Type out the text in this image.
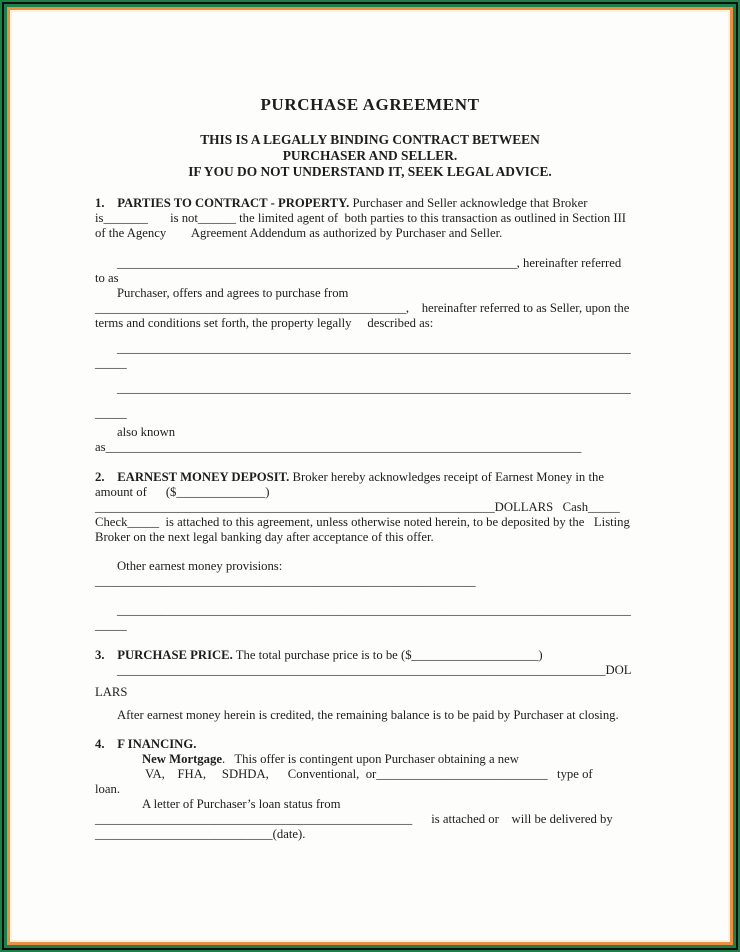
PURCHASE AGREEMENT
THIS IS A LEGALLY BINDING CONTRACT BETWEEN
PURCHASER AND SELLER.
IF YOU DO NOT UNDERSTAND IT, SEEK LEGAL ADVICE.
1.    PARTIES TO CONTRACT - PROPERTY. Purchaser and Seller acknowledge that Broker
is_______       is not______ the limited agent of  both parties to this transaction as outlined in Section III
of the Agency        Agreement Addendum as authorized by Purchaser and Seller.
_______________________________________________________________, hereinafter referred
to as
Purchaser, offers and agrees to purchase from
_________________________________________________,    hereinafter referred to as Seller, upon the
terms and conditions set forth, the property legally     described as:
_________________________________________________________________________________
_____
_________________________________________________________________________________
_____
also known
as___________________________________________________________________________
2.    EARNEST MONEY DEPOSIT. Broker hereby acknowledges receipt of Earnest Money in the
amount of      ($______________)
_______________________________________________________________DOLLARS   Cash_____
Check_____  is attached to this agreement, unless otherwise noted herein, to be deposited by the   Listing
Broker on the next legal banking day after acceptance of this offer.
Other earnest money provisions:
____________________________________________________________
_________________________________________________________________________________
_____
3.    PURCHASE PRICE. The total purchase price is to be ($____________________)
_____________________________________________________________________________DOL
LARS
After earnest money herein is credited, the remaining balance is to be paid by Purchaser at closing.
4.    F INANCING.
New Mortgage.   This offer is contingent upon Purchaser obtaining a new
VA,    FHA,     SDHDA,      Conventional,  or___________________________   type of
loan.
A letter of Purchaser’s loan status from
__________________________________________________      is attached or    will be delivered by
____________________________(date).
